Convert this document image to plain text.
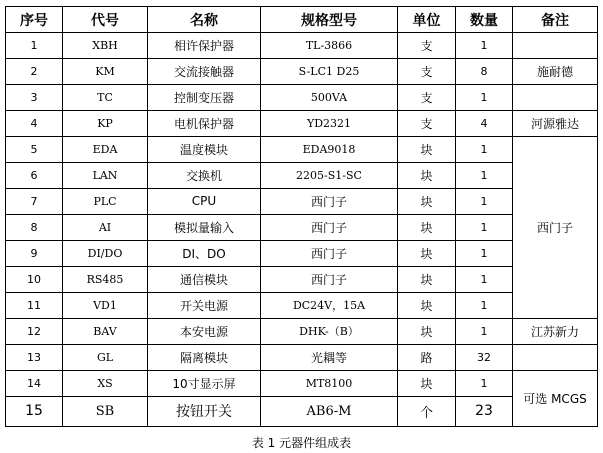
序号	代号	名称	规格型号	单位	数量	备注
1	XBH	相许保护器	TL-3866	支	1	
2	KM	交流接触器	S-LC1 D25	支	8	施耐德
3	TC	控制变压器	500VA	支	1	
4	KP	电机保护器	YD2321	支	4	河源雅达
5	EDA	温度模块	EDA9018	块	1	西门子
6	LAN	交换机	2205-S1-SC	块	1	
7	PLC	CPU	西门子	块	1	
8	AI	模拟量输入	西门子	块	1	
9	DI/DO	DI、DO	西门子	块	1	
10	RS485	通信模块	西门子	块	1	
11	VD1	开关电源	DC24V，15A	块	1	
12	BAV	本安电源	DHK-（B）	块	1	江苏新力
13	GL	隔离模块	光耦等	路	32	
14	XS	10寸显示屏	MT8100	块	1	可选 MCGS
15	SB	按钮开关	AB6-M	个	23	
表 1 元器件组成表
